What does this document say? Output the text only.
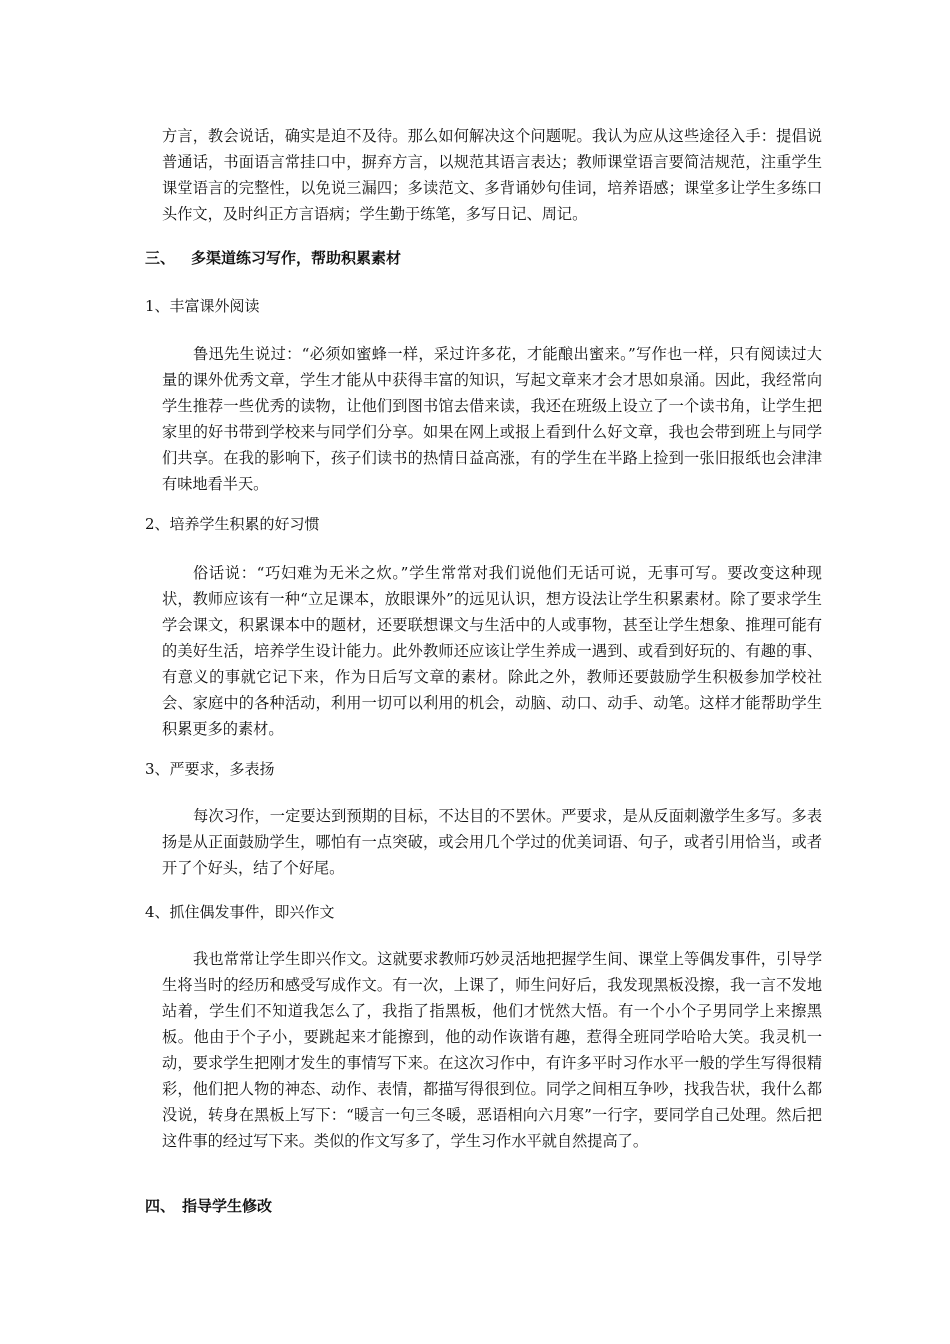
方言，教会说话，确实是迫不及待。那么如何解决这个问题呢。我认为应从这些途径入手：提倡说普通话，书面语言常挂口中，摒弃方言，以规范其语言表达；教师课堂语言要简洁规范，注重学生课堂语言的完整性，以免说三漏四；多读范文、多背诵妙句佳词，培养语感；课堂多让学生多练口头作文，及时纠正方言语病；学生勤于练笔，多写日记、周记。

三、 多渠道练习写作，帮助积累素材
1、丰富课外阅读

鲁迅先生说过：“必须如蜜蜂一样，采过许多花，才能酿出蜜来。”写作也一样，只有阅读过大量的课外优秀文章，学生才能从中获得丰富的知识，写起文章来才会才思如泉涌。因此，我经常向学生推荐一些优秀的读物，让他们到图书馆去借来读，我还在班级上设立了一个读书角，让学生把家里的好书带到学校来与同学们分享。如果在网上或报上看到什么好文章，我也会带到班上与同学们共享。在我的影响下，孩子们读书的热情日益高涨，有的学生在半路上捡到一张旧报纸也会津津有味地看半天。

2、培养学生积累的好习惯

俗话说：“巧妇难为无米之炊。”学生常常对我们说他们无话可说，无事可写。要改变这种现状，教师应该有一种“立足课本，放眼课外”的远见认识，想方设法让学生积累素材。除了要求学生学会课文，积累课本中的题材，还要联想课文与生活中的人或事物，甚至让学生想象、推理可能有的美好生活，培养学生设计能力。此外教师还应该让学生养成一遇到、或看到好玩的、有趣的事、有意义的事就它记下来，作为日后写文章的素材。除此之外，教师还要鼓励学生积极参加学校社会、家庭中的各种活动，利用一切可以利用的机会，动脑、动口、动手、动笔。这样才能帮助学生积累更多的素材。

3、严要求，多表扬

每次习作，一定要达到预期的目标，不达目的不罢休。严要求，是从反面刺激学生多写。多表扬是从正面鼓励学生，哪怕有一点突破，或会用几个学过的优美词语、句子，或者引用恰当，或者开了个好头，结了个好尾。

4、抓住偶发事件，即兴作文

我也常常让学生即兴作文。这就要求教师巧妙灵活地把握学生间、课堂上等偶发事件，引导学生将当时的经历和感受写成作文。有一次，上课了，师生问好后，我发现黑板没擦，我一言不发地站着，学生们不知道我怎么了，我指了指黑板，他们才恍然大悟。有一个小个子男同学上来擦黑板。他由于个子小，要跳起来才能擦到，他的动作诙谐有趣，惹得全班同学哈哈大笑。我灵机一动，要求学生把刚才发生的事情写下来。在这次习作中，有许多平时习作水平一般的学生写得很精彩，他们把人物的神态、动作、表情，都描写得很到位。同学之间相互争吵，找我告状，我什么都没说，转身在黑板上写下：“暖言一句三冬暖，恶语相向六月寒”一行字，要同学自己处理。然后把这件事的经过写下来。类似的作文写多了，学生习作水平就自然提高了。

四、 指导学生修改
